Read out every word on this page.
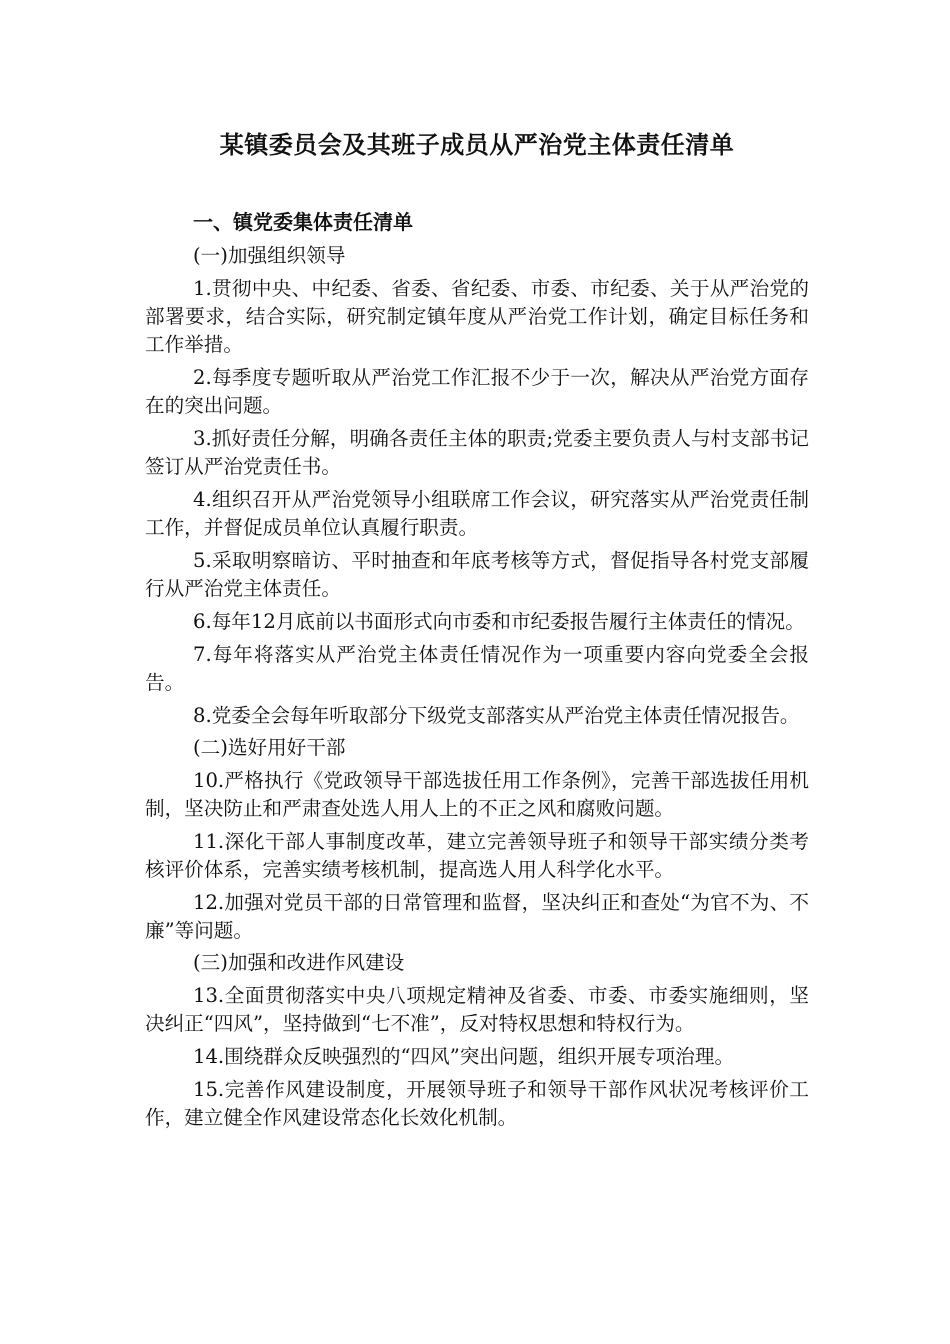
某镇委员会及其班子成员从严治党主体责任清单
一、镇党委集体责任清单

(一)加强组织领导

1.贯彻中央、中纪委、省委、省纪委、市委、市纪委、关于从严治党的部署要求，结合实际，研究制定镇年度从严治党工作计划，确定目标任务和工作举措。

2.每季度专题听取从严治党工作汇报不少于一次，解决从严治党方面存在的突出问题。

3.抓好责任分解，明确各责任主体的职责;党委主要负责人与村支部书记签订从严治党责任书。

4.组织召开从严治党领导小组联席工作会议，研究落实从严治党责任制工作，并督促成员单位认真履行职责。

5.采取明察暗访、平时抽查和年底考核等方式，督促指导各村党支部履行从严治党主体责任。

6.每年12月底前以书面形式向市委和市纪委报告履行主体责任的情况。

7.每年将落实从严治党主体责任情况作为一项重要内容向党委全会报告。

8.党委全会每年听取部分下级党支部落实从严治党主体责任情况报告。

(二)选好用好干部

10.严格执行《党政领导干部选拔任用工作条例》，完善干部选拔任用机制，坚决防止和严肃查处选人用人上的不正之风和腐败问题。

11.深化干部人事制度改革，建立完善领导班子和领导干部实绩分类考核评价体系，完善实绩考核机制，提高选人用人科学化水平。

12.加强对党员干部的日常管理和监督，坚决纠正和查处“为官不为、不廉”等问题。

(三)加强和改进作风建设

13.全面贯彻落实中央八项规定精神及省委、市委、市委实施细则，坚决纠正“四风”，坚持做到“七不准”，反对特权思想和特权行为。

14.围绕群众反映强烈的“四风”突出问题，组织开展专项治理。

15.完善作风建设制度，开展领导班子和领导干部作风状况考核评价工作，建立健全作风建设常态化长效化机制。
